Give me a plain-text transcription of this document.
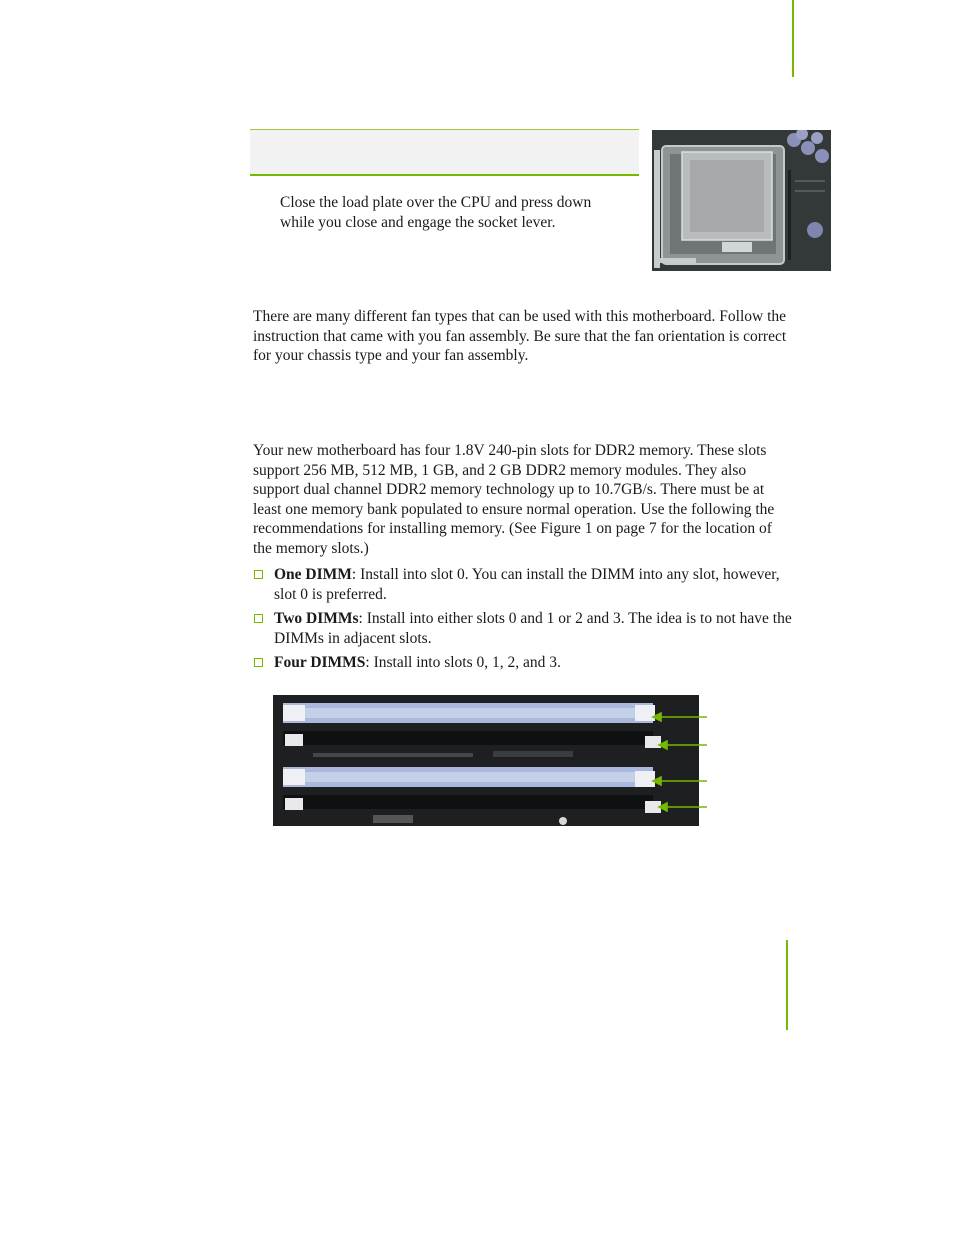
Close the load plate over the CPU and press down while you close and engage the socket lever.

There are many different fan types that can be used with this motherboard. Follow the instruction that came with you fan assembly. Be sure that the fan orientation is correct for your chassis type and your fan assembly.

Your new motherboard has four 1.8V 240-pin slots for DDR2 memory. These slots support 256 MB, 512 MB, 1 GB, and 2 GB DDR2 memory modules. They also support dual channel DDR2 memory technology up to 10.7GB/s. There must be at least one memory bank populated to ensure normal operation. Use the following the recommendations for installing memory. (See Figure 1 on page 7 for the location of the memory slots.)

One DIMM: Install into slot 0. You can install the DIMM into any slot, however, slot 0 is preferred.
Two DIMMs: Install into either slots 0 and 1 or 2 and 3. The idea is to not have the DIMMs in adjacent slots.
Four DIMMS: Install into slots 0, 1, 2, and 3.
